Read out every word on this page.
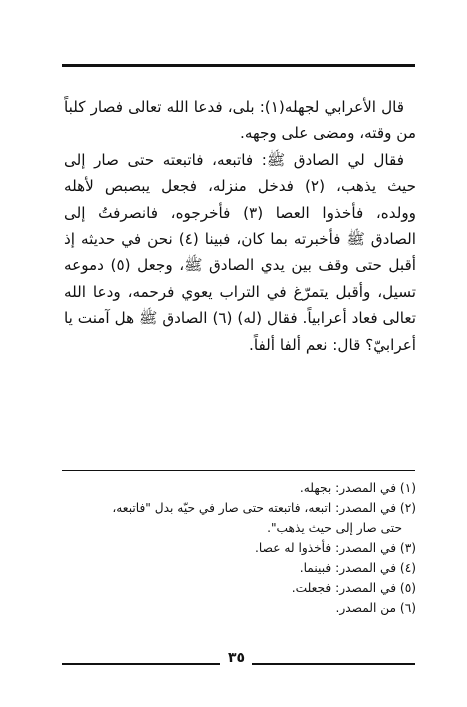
قال الأعرابي لجهله(١): بلى، فدعا الله تعالى فصار كلباً من وقته، ومضى على وجهه.

فقال لي الصادق ﷺ: فاتبعه، فاتبعته حتى صار إلى حيث يذهب، (٢) فدخل منزله، فجعل يبصبص لأهله وولده، فأخذوا العصا (٣) فأخرجوه، فانصرفتُ إلى الصادق ﷺ فأخبرته بما كان، فبينا (٤) نحن في حديثه إذ أقبل حتى وقف بين يدي الصادق ﷺ، وجعل (٥) دموعه تسيل، وأقبل يتمرّغ في التراب يعوي فرحمه، ودعا الله تعالى فعاد أعرابياً. فقال (له) (٦) الصادق ﷺ هل آمنت يا أعرابيّ؟ قال: نعم ألفا ألفاً.

(١) في المصدر: بجهله.

(٢) في المصدر: اتبعه، فاتبعته حتى صار في حيّه بدل "فاتبعه،

حتى صار إلى حيث يذهب".

(٣) في المصدر: فأخذوا له عصا.

(٤) في المصدر: فبينما.

(٥) في المصدر: فجعلت.

(٦) من المصدر.

٣٥
